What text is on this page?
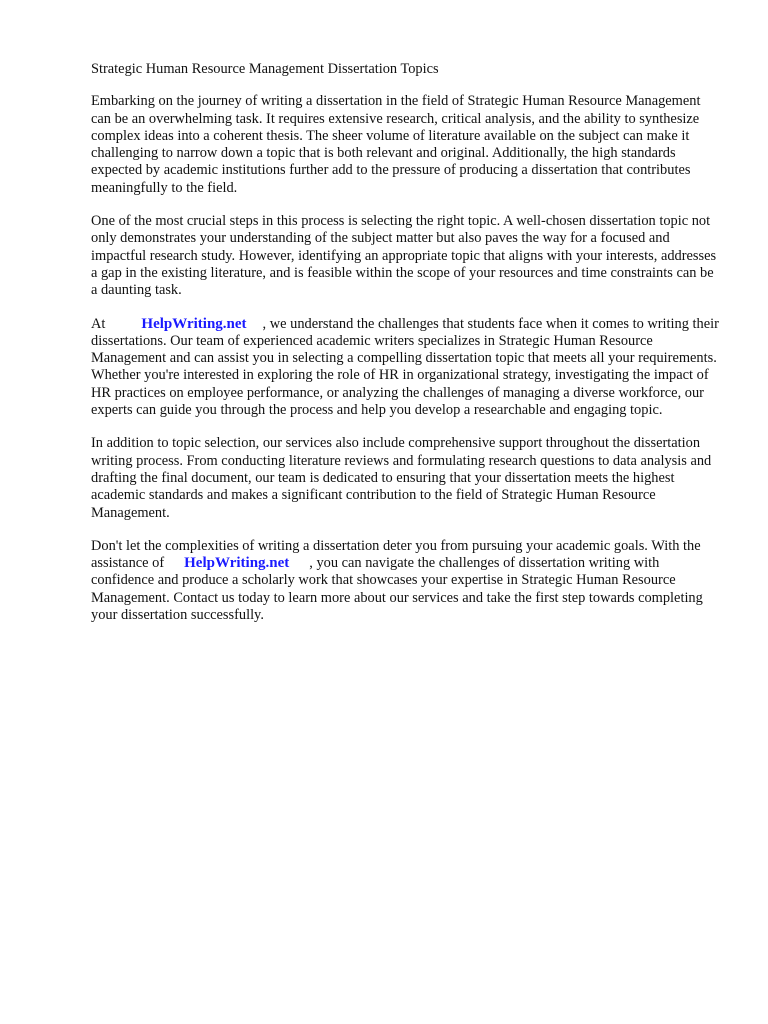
Strategic Human Resource Management Dissertation Topics

Embarking on the journey of writing a dissertation in the field of Strategic Human Resource Management can be an overwhelming task. It requires extensive research, critical analysis, and the ability to synthesize complex ideas into a coherent thesis. The sheer volume of literature available on the subject can make it challenging to narrow down a topic that is both relevant and original. Additionally, the high standards expected by academic institutions further add to the pressure of producing a dissertation that contributes meaningfully to the field.

One of the most crucial steps in this process is selecting the right topic. A well-chosen dissertation topic not only demonstrates your understanding of the subject matter but also paves the way for a focused and impactful research study. However, identifying an appropriate topic that aligns with your interests, addresses a gap in the existing literature, and is feasible within the scope of your resources and time constraints can be a daunting task.

At HelpWriting.net , we understand the challenges that students face when it comes to writing their dissertations. Our team of experienced academic writers specializes in Strategic Human Resource Management and can assist you in selecting a compelling dissertation topic that meets all your requirements. Whether you're interested in exploring the role of HR in organizational strategy, investigating the impact of HR practices on employee performance, or analyzing the challenges of managing a diverse workforce, our experts can guide you through the process and help you develop a researchable and engaging topic.

In addition to topic selection, our services also include comprehensive support throughout the dissertation writing process. From conducting literature reviews and formulating research questions to data analysis and drafting the final document, our team is dedicated to ensuring that your dissertation meets the highest academic standards and makes a significant contribution to the field of Strategic Human Resource Management.

Don't let the complexities of writing a dissertation deter you from pursuing your academic goals. With the assistance of HelpWriting.net , you can navigate the challenges of dissertation writing with confidence and produce a scholarly work that showcases your expertise in Strategic Human Resource Management. Contact us today to learn more about our services and take the first step towards completing your dissertation successfully.
